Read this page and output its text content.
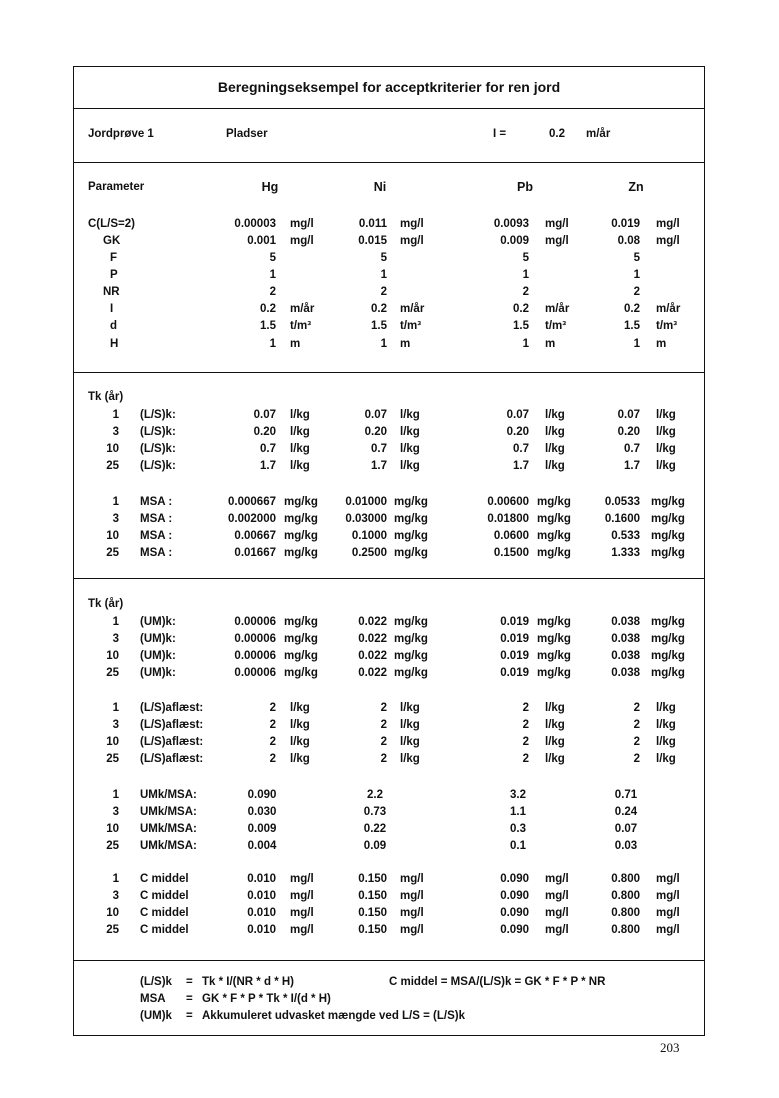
Beregningseksempel for acceptkriterier for ren jord
Jordprøve 1	Pladser	I =	0.2 m/år
Parameter	Hg	Ni	Pb	Zn
C(L/S=2)	0.00003 mg/l	0.011 mg/l	0.0093 mg/l	0.019 mg/l
GK	0.001 mg/l	0.015 mg/l	0.009 mg/l	0.08 mg/l
F	5	5	5	5
P	1	1	1	1
NR	2	2	2	2
I	0.2 m/år	0.2 m/år	0.2 m/år	0.2 m/år
d	1.5 t/m³	1.5 t/m³	1.5 t/m³	1.5 t/m³
H	1 m	1 m	1 m	1 m
Tk (år)
Tk (år)
1 (L/S)k:	0.07 l/kg	0.07 l/kg	0.07 l/kg	0.07 l/kg
3 (L/S)k:	0.20 l/kg	0.20 l/kg	0.20 l/kg	0.20 l/kg
10 (L/S)k:	0.7 l/kg	0.7 l/kg	0.7 l/kg	0.7 l/kg
25 (L/S)k:	1.7 l/kg	1.7 l/kg	1.7 l/kg	1.7 l/kg
1 MSA :	0.000667 mg/kg	0.01000 mg/kg	0.00600 mg/kg	0.0533 mg/kg
3 MSA :	0.002000 mg/kg	0.03000 mg/kg	0.01800 mg/kg	0.1600 mg/kg
10 MSA :	0.00667 mg/kg	0.1000 mg/kg	0.0600 mg/kg	0.533 mg/kg
25 MSA :	0.01667 mg/kg	0.2500 mg/kg	0.1500 mg/kg	1.333 mg/kg
1 (UM)k:	0.00006 mg/kg	0.022 mg/kg	0.019 mg/kg	0.038 mg/kg
3 (UM)k:	0.00006 mg/kg	0.022 mg/kg	0.019 mg/kg	0.038 mg/kg
10 (UM)k:	0.00006 mg/kg	0.022 mg/kg	0.019 mg/kg	0.038 mg/kg
25 (UM)k:	0.00006 mg/kg	0.022 mg/kg	0.019 mg/kg	0.038 mg/kg
1 (L/S)aflæst:	2 l/kg	2 l/kg	2 l/kg	2 l/kg
3 (L/S)aflæst:	2 l/kg	2 l/kg	2 l/kg	2 l/kg
10 (L/S)aflæst:	2 l/kg	2 l/kg	2 l/kg	2 l/kg
25 (L/S)aflæst:	2 l/kg	2 l/kg	2 l/kg	2 l/kg
1 UMk/MSA:	0.090	2.2	3.2	0.71
3 UMk/MSA:	0.030	0.73	1.1	0.24
10 UMk/MSA:	0.009	0.22	0.3	0.07
25 UMk/MSA:	0.004	0.09	0.1	0.03
1 C middel	0.010 mg/l	0.150 mg/l	0.090 mg/l	0.800 mg/l
3 C middel	0.010 mg/l	0.150 mg/l	0.090 mg/l	0.800 mg/l
10 C middel	0.010 mg/l	0.150 mg/l	0.090 mg/l	0.800 mg/l
25 C middel	0.010 mg/l	0.150 mg/l	0.090 mg/l	0.800 mg/l
(L/S)k = Tk * I/(NR * d * H)	C middel = MSA/(L/S)k = GK * F * P * NR
MSA = GK * F * P * Tk * I/(d * H)
(UM)k = Akkumuleret udvasket mængde ved L/S = (L/S)k
203
